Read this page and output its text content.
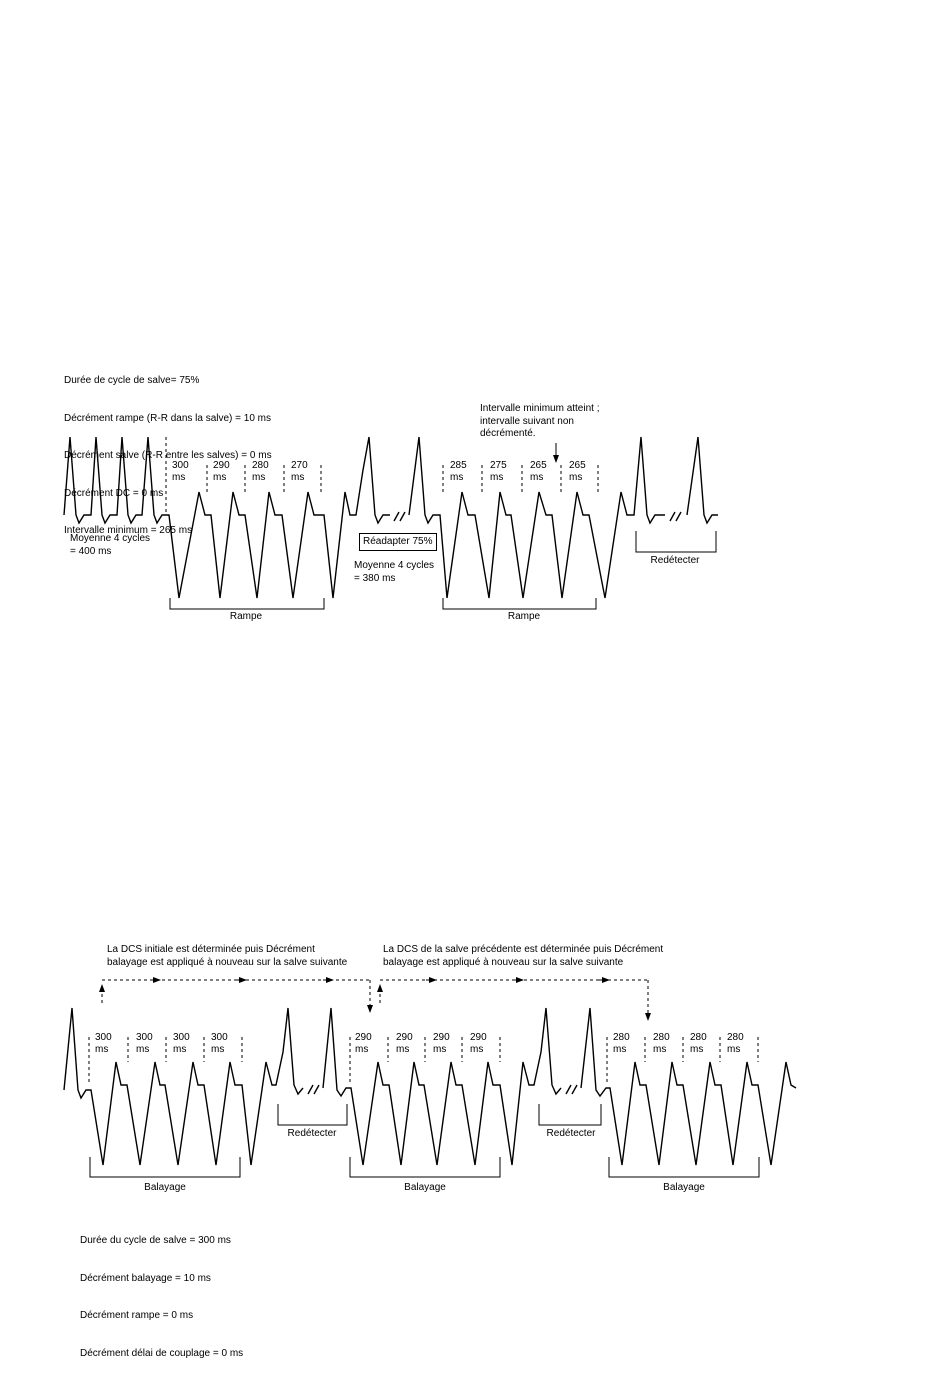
Durée de cycle de salve= 75%

Décrément rampe (R-R dans la salve) = 10 ms

Décrément salve (R-R entre les salves) = 0 ms

Décrément DC = 0 ms

Intervalle minimum = 265 ms

Intervalle minimum atteint ;
intervalle suivant non
décrémenté.
300
ms
290
ms
280
ms
270
ms
285
ms
275
ms
265
ms
265
ms
Moyenne 4 cycles
= 400 ms
Moyenne 4 cycles
= 380 ms
Réadapter 75%
Rampe	Rampe
Redétecter
La DCS initiale est déterminée puis Décrément
balayage est appliqué à nouveau sur la salve suivante
La DCS de la salve précédente est déterminée puis Décrément
balayage est appliqué à nouveau sur la salve suivante
300
ms
300
ms
300
ms
300
ms
290
ms
290
ms
290
ms
290
ms
280
ms
280
ms
280
ms
280
ms
Redétecter	Redétecter
Balayage	Balayage	Balayage

Durée du cycle de salve = 300 ms

Décrément balayage = 10 ms

Décrément rampe = 0 ms

Décrément délai de couplage = 0 ms
